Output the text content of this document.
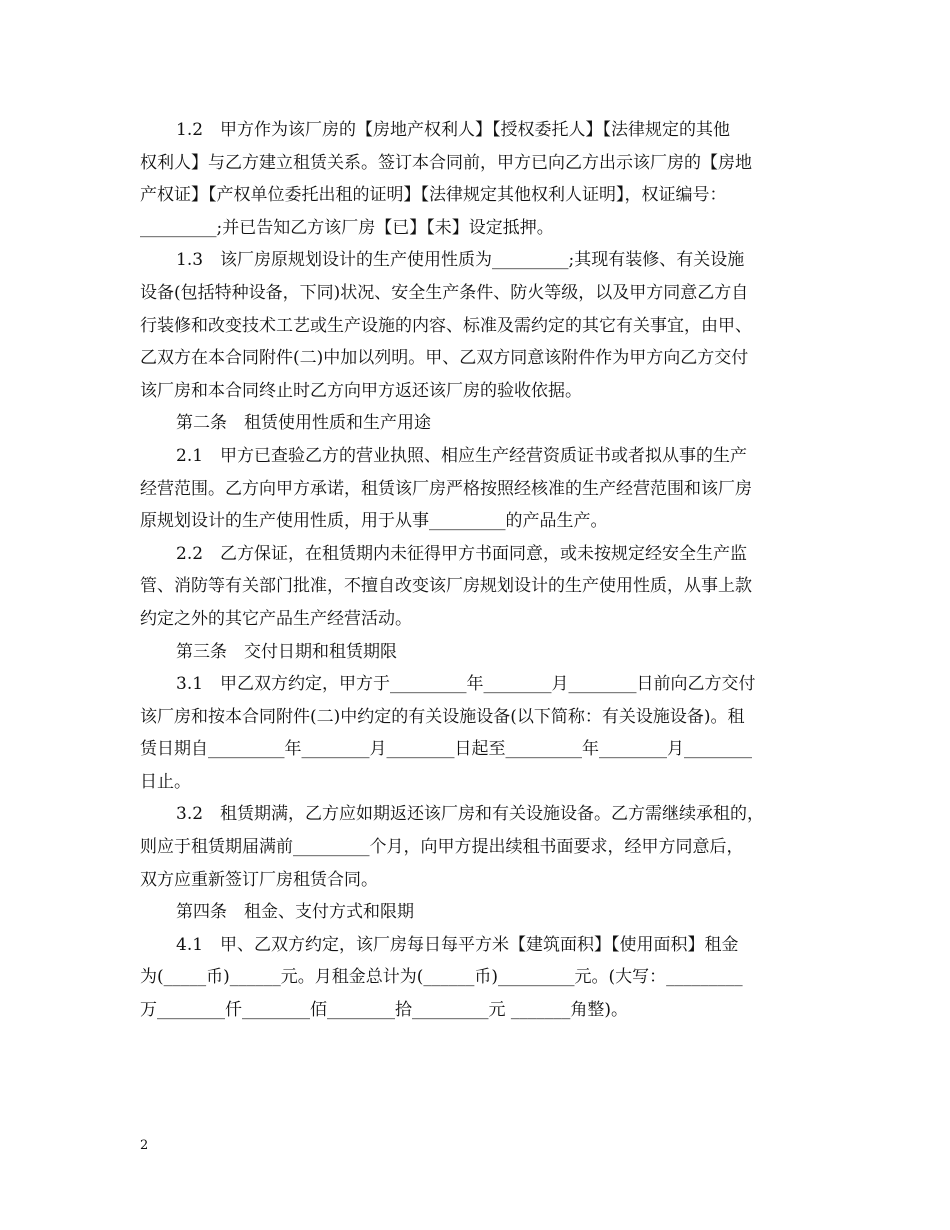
1.2　甲方作为该厂房的【房地产权利人】【授权委托人】【法律规定的其他
权利人】与乙方建立租赁关系。签订本合同前，甲方已向乙方出示该厂房的【房地
产权证】【产权单位委托出租的证明】【法律规定其他权利人证明】，权证编号：
_________;并已告知乙方该厂房【已】【未】设定抵押。
1.3　该厂房原规划设计的生产使用性质为_________;其现有装修、有关设施
设备(包括特种设备，下同)状况、安全生产条件、防火等级，以及甲方同意乙方自
行装修和改变技术工艺或生产设施的内容、标准及需约定的其它有关事宜，由甲、
乙双方在本合同附件(二)中加以列明。甲、乙双方同意该附件作为甲方向乙方交付
该厂房和本合同终止时乙方向甲方返还该厂房的验收依据。
第二条　租赁使用性质和生产用途
2.1　甲方已查验乙方的营业执照、相应生产经营资质证书或者拟从事的生产
经营范围。乙方向甲方承诺，租赁该厂房严格按照经核准的生产经营范围和该厂房
原规划设计的生产使用性质，用于从事_________的产品生产。
2.2　乙方保证，在租赁期内未征得甲方书面同意，或未按规定经安全生产监
管、消防等有关部门批准，不擅自改变该厂房规划设计的生产使用性质，从事上款
约定之外的其它产品生产经营活动。
第三条　交付日期和租赁期限
3.1　甲乙双方约定，甲方于_________年________月________日前向乙方交付
该厂房和按本合同附件(二)中约定的有关设施设备(以下简称：有关设施设备)。租
赁日期自_________年________月________日起至_________年________月________
日止。
3.2　租赁期满，乙方应如期返还该厂房和有关设施设备。乙方需继续承租的，
则应于租赁期届满前_________个月，向甲方提出续租书面要求，经甲方同意后，
双方应重新签订厂房租赁合同。
第四条　租金、支付方式和限期
4.1　甲、乙双方约定，该厂房每日每平方米【建筑面积】【使用面积】租金
为(_____币)______元。月租金总计为(______币)_________元。(大写：_________
万________仟________佰________拾_________元 _______角整)。
2
